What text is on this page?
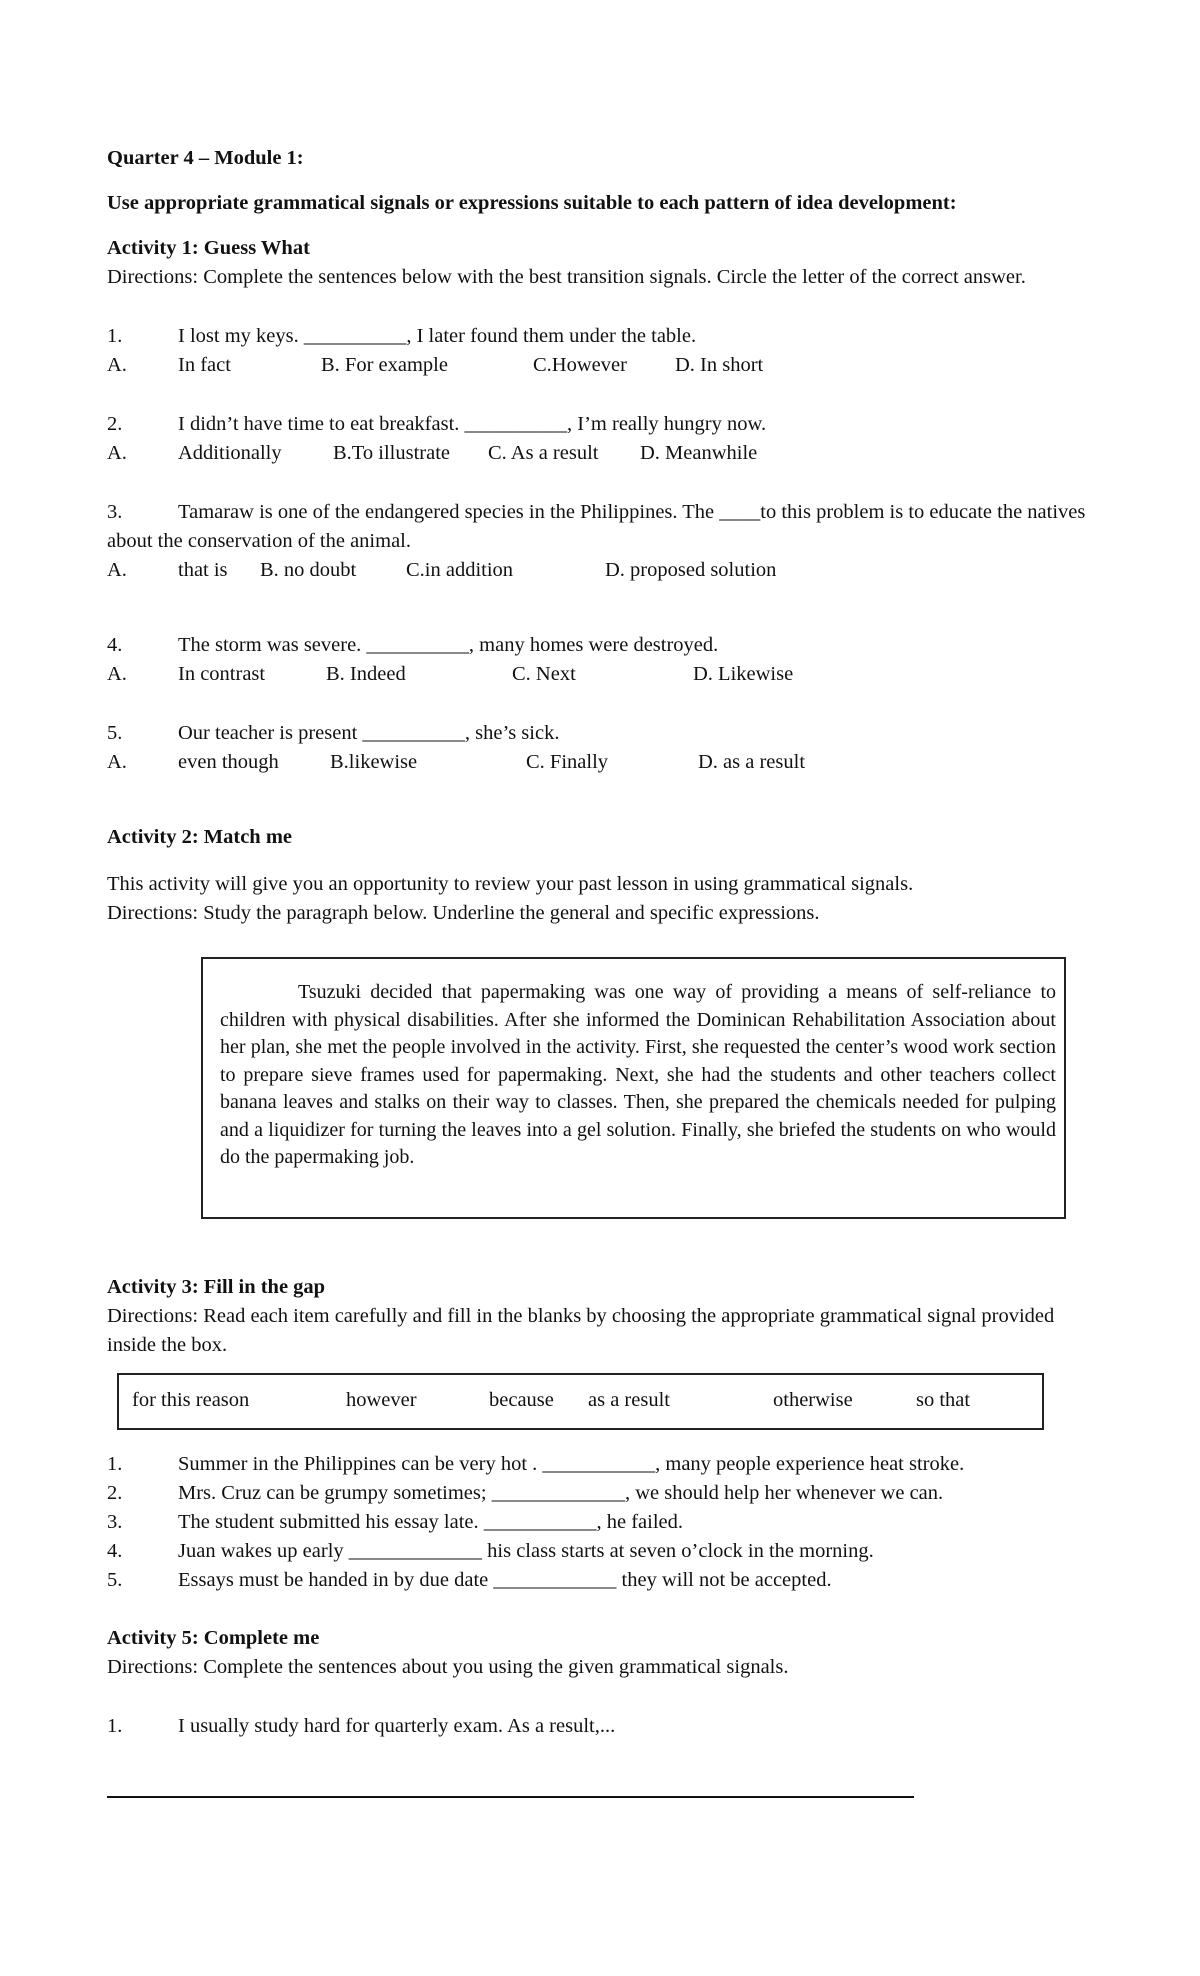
Quarter 4 – Module 1:
Use appropriate grammatical signals or expressions suitable to each pattern of idea development:
Activity 1: Guess What
Directions: Complete the sentences below with the best transition signals. Circle the letter of the correct answer.
1.	I lost my keys. __________, I later found them under the table.
A. In fact	B. For example	C.However D. In short
2.	I didn’t have time to eat breakfast. __________, I’m really hungry now.
A. Additionally	B.To illustrate C. As a result D. Meanwhile
3.	Tamaraw is one of the endangered species in the Philippines. The ____to this problem is to educate the natives about the conservation of the animal.
A. that is B. no doubt C.in addition	D. proposed solution
4.	The storm was severe. __________, many homes were destroyed.
A. In contrast	B. Indeed	C. Next	D. Likewise
5.	Our teacher is present __________, she’s sick.
A. even though B.likewise	C. Finally	D. as a result
Activity 2: Match me
This activity will give you an opportunity to review your past lesson in using grammatical signals.
Directions: Study the paragraph below. Underline the general and specific expressions.
Tsuzuki decided that papermaking was one way of providing a means of self-reliance to children with physical disabilities. After she informed the Dominican Rehabilitation Association about her plan, she met the people involved in the activity. First, she requested the center’s wood work section to prepare sieve frames used for papermaking. Next, she had the students and other teachers collect banana leaves and stalks on their way to classes. Then, she prepared the chemicals needed for pulping and a liquidizer for turning the leaves into a gel solution. Finally, she briefed the students on who would do the papermaking job.
Activity 3: Fill in the gap
Directions: Read each item carefully and fill in the blanks by choosing the appropriate grammatical signal provided inside the box.
for this reason	however	because as a result	otherwise	so that
1.	Summer in the Philippines can be very hot . ___________, many people experience heat stroke.
2.	Mrs. Cruz can be grumpy sometimes; _____________, we should help her whenever we can.
3.	The student submitted his essay late. ___________, he failed.
4.	Juan wakes up early _____________ his class starts at seven o’clock in the morning.
5.	Essays must be handed in by due date ____________ they will not be accepted.
Activity 5: Complete me
Directions: Complete the sentences about you using the given grammatical signals.
1.	I usually study hard for quarterly exam. As a result,...
